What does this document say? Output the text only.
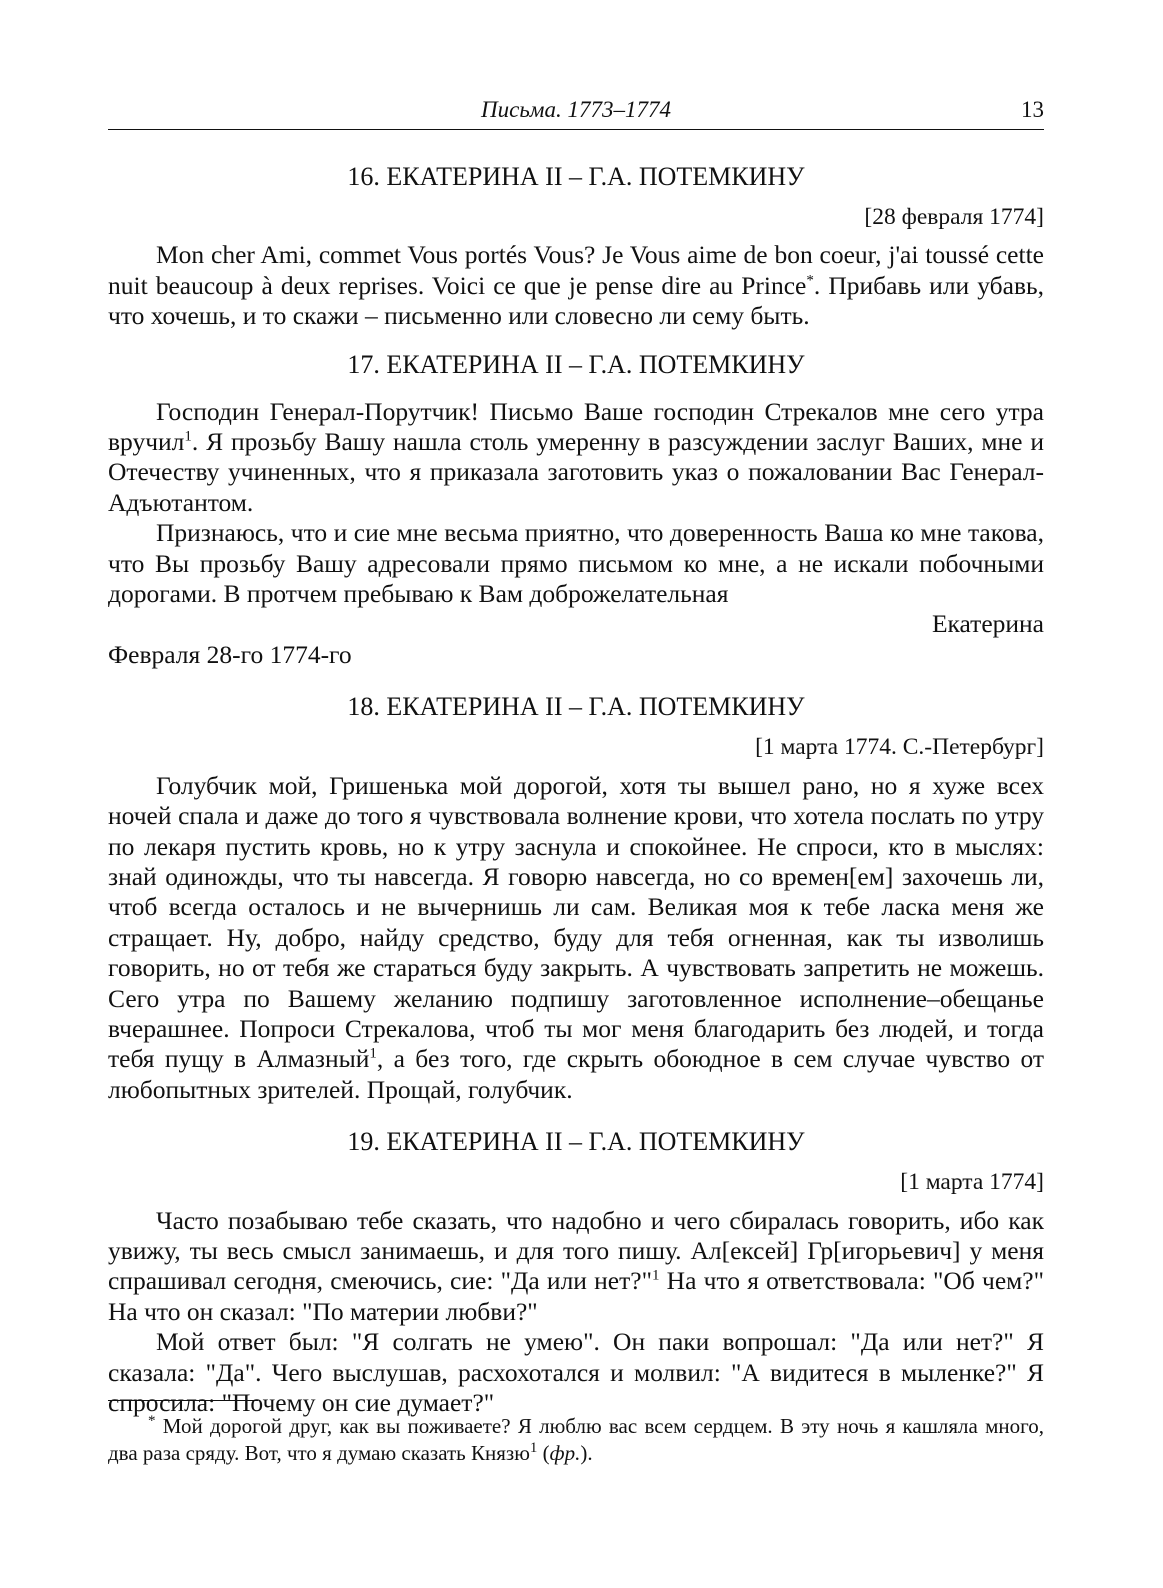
Письма. 1773–1774	13
16. ЕКАТЕРИНА II – Г.А. ПОТЕМКИНУ
[28 февраля 1774]

Mon cher Ami, commet Vous portés Vous? Je Vous aime de bon coeur, j'ai toussé cette nuit beaucoup à deux reprises. Voici ce que je pense dire au Prince*. Прибавь или убавь, что хочешь, и то скажи – письменно или словесно ли сему быть.

17. ЕКАТЕРИНА II – Г.А. ПОТЕМКИНУ

Господин Генерал-Порутчик! Письмо Ваше господин Стрекалов мне сего утра вручил$^1$. Я прозьбу Вашу нашла столь умеренну в разсуждении заслуг Ваших, мне и Отечеству учиненных, что я приказала заготовить указ о пожаловании Вас Генерал-Адъютантом.

Признаюсь, что и сие мне весьма приятно, что доверенность Ваша ко мне такова, что Вы прозьбу Вашу адресовали прямо письмом ко мне, а не искали побочными дорогами. В протчем пребываю к Вам доброжелательная

Екатерина
Февраля 28-го 1774-го
18. ЕКАТЕРИНА II – Г.А. ПОТЕМКИНУ
[1 марта 1774. С.-Петербург]

Голубчик мой, Гришенька мой дорогой, хотя ты вышел рано, но я хуже всех ночей спала и даже до того я чувствовала волнение крови, что хотела послать по утру по лекаря пустить кровь, но к утру заснула и спокойнее. Не спроси, кто в мыслях: знай одиножды, что ты навсегда. Я говорю навсегда, но со времен[ем] захочешь ли, чтоб всегда осталось и не вычернишь ли сам. Великая моя к тебе ласка меня же стращает. Ну, добро, найду средство, буду для тебя огненная, как ты изволишь говорить, но от тебя же стараться буду закрыть. А чувствовать запретить не можешь. Сего утра по Вашему желанию подпишу заготовленное исполнение–обещанье вчерашнее. Попроси Стрекалова, чтоб ты мог меня благодарить без людей, и тогда тебя пущу в Алмазный$^1$, а без того, где скрыть обоюдное в сем случае чувство от любопытных зрителей. Прощай, голубчик.

19. ЕКАТЕРИНА II – Г.А. ПОТЕМКИНУ
[1 марта 1774]

Часто позабываю тебе сказать, что надобно и чего сбиралась говорить, ибо как увижу, ты весь смысл занимаешь, и для того пишу. Ал[ексей] Гр[игорьевич] у меня спрашивал сегодня, смеючись, сие: "Да или нет?"$^1$ На что я ответствовала: "Об чем?" На что он сказал: "По материи любви?"

Мой ответ был: "Я солгать не умею". Он паки вопрошал: "Да или нет?" Я сказала: "Да". Чего выслушав, расхохотался и молвил: "А видитеся в мыленке?" Я спросила: "Почему он сие думает?"

* Мой дорогой друг, как вы поживаете? Я люблю вас всем сердцем. В эту ночь я кашляла много, два раза сряду. Вот, что я думаю сказать Князю$^1$ (фр.).
